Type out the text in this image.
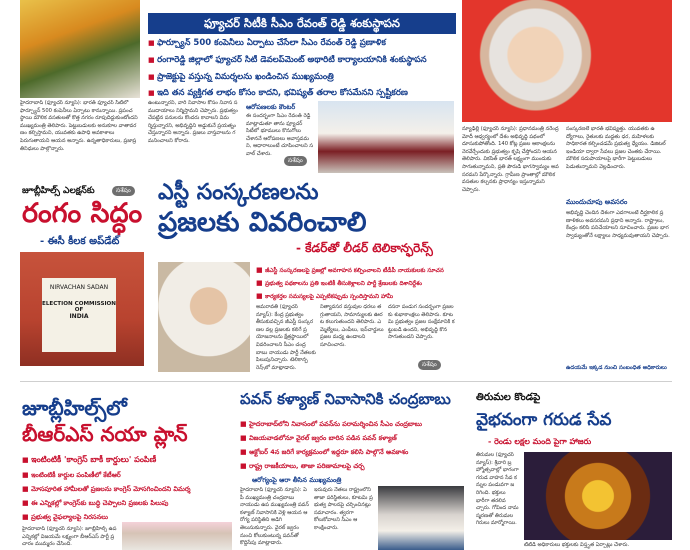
హైదరాబాద్ (ఫ్యూచర్ న్యూస్): భారత్ ఫ్యూచర్ సిటీలో ఫార్చ్యూన్ 500 కంపెనీలు ఏర్పాటు కానున్నాయి. ప్రపంచ స్థాయి మౌలిక వసతులతో కొత్త నగరం రూపుదిద్దుకుంటోందని ముఖ్యమంత్రి తెలిపారు. పెట్టుబడులకు అనుకూల వాతావరణం కల్పిస్తామని, యువతకు ఉపాధి అవకాశాలు పెరుగుతాయని ఆయన అన్నారు. ఉన్నతాధికారులు, ప్రజాప్రతినిధులు పాల్గొన్నారు.
ఫ్యూచర్ సిటీకి సీఎం రేవంత్ రెడ్డి శంకుస్థాపన
■ ఫార్చ్యూన్ 500 కంపెనీలు ఏర్పాటు చేసేలా సీఎం రేవంత్ రెడ్డి ప్రణాళిక
■ రంగారెడ్డి జిల్లాలో ఫ్యూచర్ సిటీ డెవలప్‌మెంట్ అథారిటీ కార్యాలయానికి శంకుస్థాపన
■ ప్రాజెక్టుపై వస్తున్న విమర్శలను ఖండించిన ముఖ్యమంత్రి
■ ఇది తన వ్యక్తిగత లాభం కోసం కాదని, భవిష్యత్ తరాల కోసమేనని స్పష్టీకరణ
ఉంటున్నారని, వారి నివాసాల కోసం నివాస సముదాయాలు నిర్మిస్తామని చెప్పారు. ప్రభుత్వం చేపట్టిన పనులను కొందరు కావాలని విమర్శిస్తున్నారని, అభివృద్ధిని అడ్డుకునే ప్రయత్నం చేస్తున్నారని అన్నారు. ప్రజలు వాస్తవాలను గమనించాలని కోరారు.
ఆరోపణలకు కౌంటర్
ఈ సందర్భంగా సీఎం రేవంత్ రెడ్డి మాట్లాడుతూ తాను ఫ్యూచర్ సిటీలో భూములు కొనుగోలు చేశాననే ఆరోపణలు అవాస్తవమని, ఆధారాలుంటే చూపించాలని సవాల్ చేశారు.
సశేషం
న్యూఢిల్లీ (ఫ్యూచర్ న్యూస్): ప్రధానమంత్రి నరేంద్ర మోదీ ఆధ్వర్యంలో దేశం అభివృద్ధి పథంలో దూసుకుపోతోంది. 140 కోట్ల ప్రజల ఆకాంక్షలను నెరవేర్చేందుకు ప్రభుత్వం కృషి చేస్తోందని ఆయన తెలిపారు. వికసిత్ భారత్ లక్ష్యంగా ముందుకు సాగుతున్నామని, ప్రతి పౌరుడి భాగస్వామ్యం అవసరమని పేర్కొన్నారు. గ్రామీణ ప్రాంతాల్లో మౌలిక వసతుల కల్పనకు ప్రాధాన్యం ఇస్తున్నామని చెప్పారు.
సంస్కరణలే భారత్ భవిష్యత్తు. యువతకు ఉద్యోగాలు, రైతులకు మద్దతు ధర, మహిళలకు సాధికారత కల్పించడమే ప్రభుత్వ ధ్యేయం. డిజిటల్ ఇండియా ద్వారా సేవలు ప్రజల చెంతకు చేరాయి. మౌలిక సదుపాయాలపై భారీగా పెట్టుబడులు పెడుతున్నామని వెల్లడించారు.
ముందుచూపు అవసరం
అభివృద్ధి చెందిన దేశంగా ఎదగాలంటే దీర్ఘకాలిక ప్రణాళికలు అవసరమని ప్రధాని అన్నారు. రాష్ట్రాలు, కేంద్రం కలిసి పనిచేయాలని సూచించారు. ప్రజల భాగస్వామ్యంతోనే లక్ష్యాలు సాధ్యమవుతాయని చెప్పారు.
ఉదయమే ఇక్కడ నుంచి సంబంధిత అధికారులు
జూబ్లీహిల్స్ ఎలక్షన్‌కు	సశేషం
రంగం సిద్ధం
- ఈసీ కీలక అప్‌డేట్
NIRVACHAN SADAN
ELECTION COMMISSION
OF
INDIA
ఎస్టీ సంస్కరణలను
ప్రజలకు వివరించాలి
- కేడర్‌తో లీడర్ టెలికాన్ఫరెన్స్
■ జీఎస్టీ సంస్కరణలపై ప్రజల్లో అవగాహన కల్పించాలని టీడీపీ నాయకులకు సూచన
■ ప్రభుత్వ పథకాలను ప్రతి ఇంటికీ తీసుకెళ్లాలని పార్టీ శ్రేణులకు దిశానిర్దేశం
■ కార్యకర్తల సమస్యలపై ఎప్పటికప్పుడు స్పందిస్తామని హామీ
అమరావతి (ఫ్యూచర్ న్యూస్): కేంద్ర ప్రభుత్వం తీసుకువచ్చిన జీఎస్టీ సంస్కరణల వల్ల ప్రజలకు కలిగే ప్రయోజనాలను క్షేత్రస్థాయిలో వివరించాలని సీఎం చంద్రబాబు నాయుడు పార్టీ నేతలకు పిలుపునిచ్చారు. టెలికాన్ఫరెన్స్‌లో మాట్లాడారు.
నిత్యావసర వస్తువుల ధరలు తగ్గుతాయని, సామాన్యులకు ఊరట కలుగుతుందని తెలిపారు. ఎమ్మెల్యేలు, ఎంపీలు, ఇన్‌చార్జులు ప్రజల మధ్య ఉండాలని సూచించారు.
సశేషం
దసరా పండుగ సందర్భంగా ప్రజలకు శుభాకాంక్షలు తెలిపారు. కూటమి ప్రభుత్వం ప్రజల సంక్షేమానికి కట్టుబడి ఉందని, అభివృద్ధి కొనసాగుతుందని చెప్పారు.
జూబ్లీహిల్స్‌లో
బీఆర్ఎస్ నయా ప్లాన్
■ ఇంటింటికీ 'కాంగ్రెస్ బాకీ కార్డులు' పంపిణీ
■ ఇంటింటికీ కార్డుల పంపిణీలో కేటీఆర్
■ మోసపూరిత హామీలతో ప్రజలను కాంగ్రెస్ మోసగించిందని విమర్శ
■ ఈ ఎన్నికల్లో కాంగ్రెస్‌కు బుద్ధి చెప్పాలని ప్రజలకు పిలుపు
■ ప్రభుత్వ వైఫల్యాలపై నిరసనలు
హైదరాబాద్ (ఫ్యూచర్ న్యూస్): జూబ్లీహిల్స్ ఉపఎన్నికల్లో విజయమే లక్ష్యంగా బీఆర్ఎస్ పార్టీ ప్రచారం ముమ్మరం చేసింది.
పవన్ కళ్యాణ్ నివాసానికి చంద్రబాబు
■ హైదరాబాద్‌లోని నివాసంలో పవన్‌ను పరామర్శించిన సీఎం చంద్రబాబు
■ విజయవాడలోనూ వైరల్ జ్వరం బారిన పడిన పవన్ కళ్యాణ్
■ అక్టోబర్ 4న జరిగే కార్యక్రమంలో ఇద్దరూ కలిసి పాల్గొనే అవకాశం
■ రాష్ట్ర రాజకీయాలు, తాజా పరిణామాలపై చర్చ
ఆరోగ్యంపై ఆరా తీసిన ముఖ్యమంత్రి
హైదరాబాద్ (ఫ్యూచర్ న్యూస్): ఏపీ ముఖ్యమంత్రి చంద్రబాబు నాయుడు ఉప ముఖ్యమంత్రి పవన్ కళ్యాణ్ నివాసానికి వెళ్లి ఆయన ఆరోగ్య పరిస్థితిని అడిగి తెలుసుకున్నారు. వైరల్ జ్వరం నుంచి కోలుకుంటున్న పవన్‌తో కొద్దిసేపు మాట్లాడారు.
ఇరువురు నేతలు రాష్ట్రంలోని తాజా పరిస్థితులు, కూటమి ప్రభుత్వ పాలనపై చర్చించినట్లు సమాచారం. త్వరగా కోలుకోవాలని సీఎం ఆకాంక్షించారు.
తిరుమల కొండపై
వైభవంగా గరుడ సేవ
- రెండు లక్షల మంది పైగా హాజరు
తిరుమల (ఫ్యూచర్ న్యూస్): శ్రీవారి బ్రహ్మోత్సవాల్లో భాగంగా గరుడ వాహన సేవ కన్నుల పండువగా జరిగింది. భక్తులు భారీగా తరలివచ్చారు. గోవింద నామస్మరణతో తిరుమల గిరులు మార్మోగాయి.
టీటీడీ అధికారులు భక్తులకు విస్తృత ఏర్పాట్లు చేశారు.
